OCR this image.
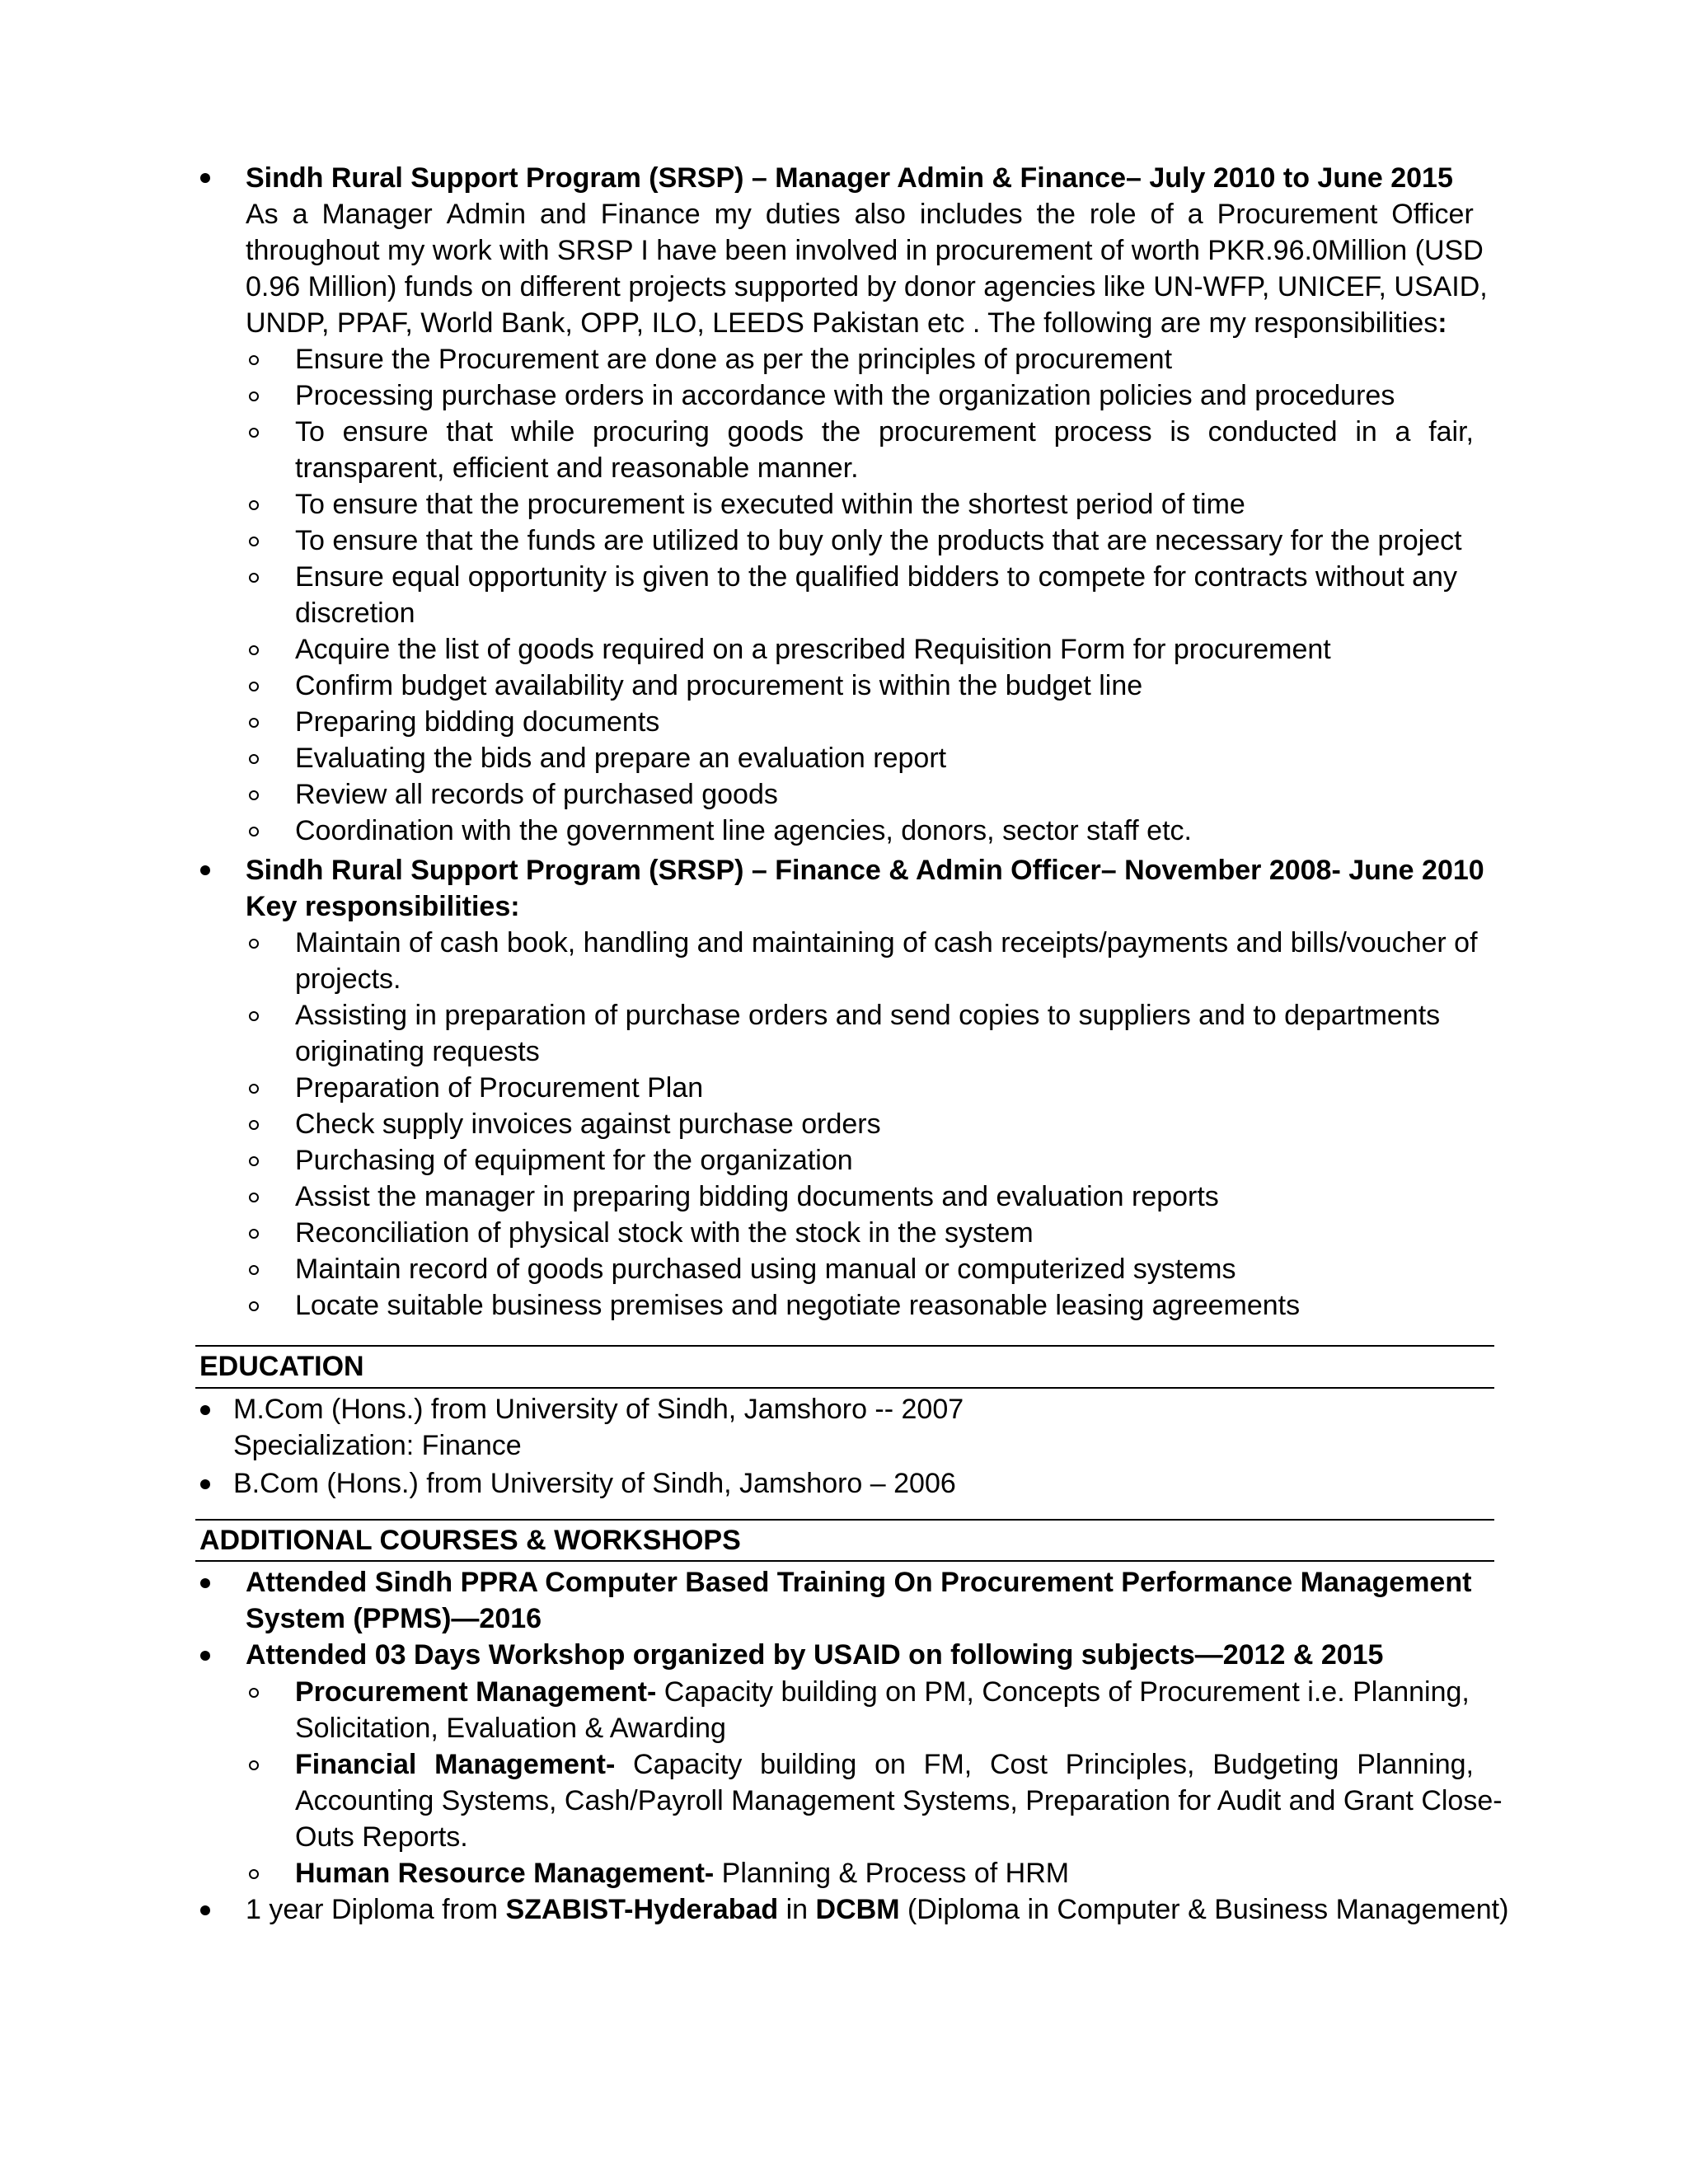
Sindh Rural Support Program (SRSP) – Manager Admin & Finance– July 2010 to June 2015
As a Manager Admin and Finance my duties also includes the role of a Procurement Officer
throughout my work with SRSP I have been involved in procurement of worth PKR.96.0Million (USD
0.96 Million) funds on different projects supported by donor agencies like UN-WFP, UNICEF, USAID,
UNDP, PPAF, World Bank, OPP, ILO, LEEDS Pakistan etc . The following are my responsibilities:
Ensure the Procurement are done as per the principles of procurement
Processing purchase orders in accordance with the organization policies and procedures
To ensure that while procuring goods the procurement process is conducted in a fair,
transparent, efficient and reasonable manner.
To ensure that the procurement is executed within the shortest period of time
To ensure that the funds are utilized to buy only the products that are necessary for the project
Ensure equal opportunity is given to the qualified bidders to compete for contracts without any
discretion
Acquire the list of goods required on a prescribed Requisition Form for procurement
Confirm budget availability and procurement is within the budget line
Preparing bidding documents
Evaluating the bids and prepare an evaluation report
Review all records of purchased goods
Coordination with the government line agencies, donors, sector staff etc.
Sindh Rural Support Program (SRSP) – Finance & Admin Officer– November 2008- June 2010
Key responsibilities:
Maintain of cash book, handling and maintaining of cash receipts/payments and bills/voucher of
projects.
Assisting in preparation of purchase orders and send copies to suppliers and to departments
originating requests
Preparation of Procurement Plan
Check supply invoices against purchase orders
Purchasing of equipment for the organization
Assist the manager in preparing bidding documents and evaluation reports
Reconciliation of physical stock with the stock in the system
Maintain record of goods purchased using manual or computerized systems
Locate suitable business premises and negotiate reasonable leasing agreements
EDUCATION
M.Com (Hons.) from University of Sindh, Jamshoro -- 2007
Specialization: Finance
B.Com (Hons.) from University of Sindh, Jamshoro – 2006
ADDITIONAL COURSES & WORKSHOPS
Attended Sindh PPRA Computer Based Training On Procurement Performance Management
System (PPMS)—2016
Attended 03 Days Workshop organized by USAID on following subjects—2012 & 2015
Procurement Management- Capacity building on PM, Concepts of Procurement i.e. Planning,
Solicitation, Evaluation & Awarding
Financial Management- Capacity building on FM, Cost Principles, Budgeting Planning,
Accounting Systems, Cash/Payroll Management Systems, Preparation for Audit and Grant Close-
Outs Reports.
Human Resource Management- Planning & Process of HRM
1 year Diploma from SZABIST-Hyderabad in DCBM (Diploma in Computer & Business Management)
